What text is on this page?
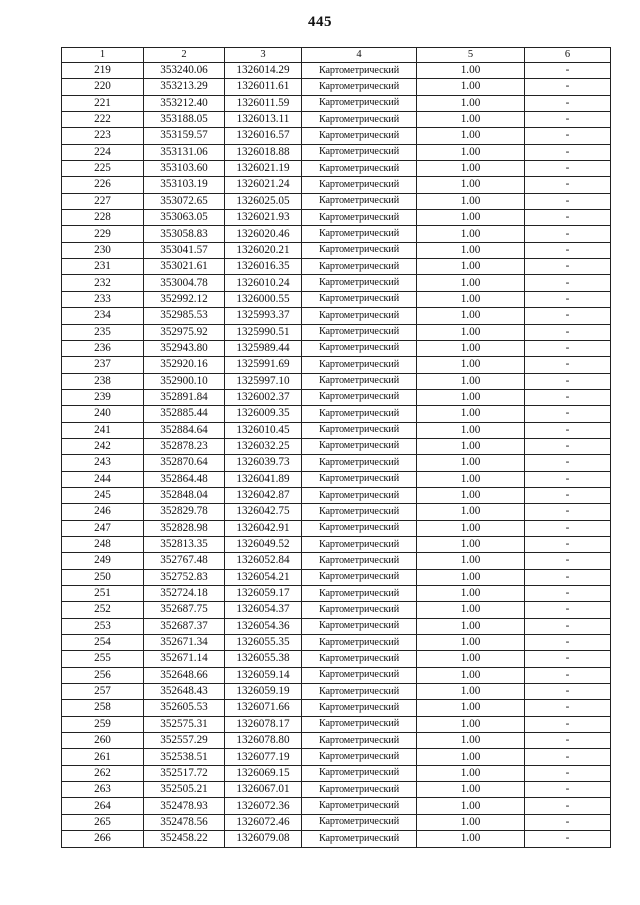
445
1	2	3	4	5	6
219	353240.06	1326014.29	Картометрический	1.00	-
220	353213.29	1326011.61	Картометрический	1.00	-
221	353212.40	1326011.59	Картометрический	1.00	-
222	353188.05	1326013.11	Картометрический	1.00	-
223	353159.57	1326016.57	Картометрический	1.00	-
224	353131.06	1326018.88	Картометрический	1.00	-
225	353103.60	1326021.19	Картометрический	1.00	-
226	353103.19	1326021.24	Картометрический	1.00	-
227	353072.65	1326025.05	Картометрический	1.00	-
228	353063.05	1326021.93	Картометрический	1.00	-
229	353058.83	1326020.46	Картометрический	1.00	-
230	353041.57	1326020.21	Картометрический	1.00	-
231	353021.61	1326016.35	Картометрический	1.00	-
232	353004.78	1326010.24	Картометрический	1.00	-
233	352992.12	1326000.55	Картометрический	1.00	-
234	352985.53	1325993.37	Картометрический	1.00	-
235	352975.92	1325990.51	Картометрический	1.00	-
236	352943.80	1325989.44	Картометрический	1.00	-
237	352920.16	1325991.69	Картометрический	1.00	-
238	352900.10	1325997.10	Картометрический	1.00	-
239	352891.84	1326002.37	Картометрический	1.00	-
240	352885.44	1326009.35	Картометрический	1.00	-
241	352884.64	1326010.45	Картометрический	1.00	-
242	352878.23	1326032.25	Картометрический	1.00	-
243	352870.64	1326039.73	Картометрический	1.00	-
244	352864.48	1326041.89	Картометрический	1.00	-
245	352848.04	1326042.87	Картометрический	1.00	-
246	352829.78	1326042.75	Картометрический	1.00	-
247	352828.98	1326042.91	Картометрический	1.00	-
248	352813.35	1326049.52	Картометрический	1.00	-
249	352767.48	1326052.84	Картометрический	1.00	-
250	352752.83	1326054.21	Картометрический	1.00	-
251	352724.18	1326059.17	Картометрический	1.00	-
252	352687.75	1326054.37	Картометрический	1.00	-
253	352687.37	1326054.36	Картометрический	1.00	-
254	352671.34	1326055.35	Картометрический	1.00	-
255	352671.14	1326055.38	Картометрический	1.00	-
256	352648.66	1326059.14	Картометрический	1.00	-
257	352648.43	1326059.19	Картометрический	1.00	-
258	352605.53	1326071.66	Картометрический	1.00	-
259	352575.31	1326078.17	Картометрический	1.00	-
260	352557.29	1326078.80	Картометрический	1.00	-
261	352538.51	1326077.19	Картометрический	1.00	-
262	352517.72	1326069.15	Картометрический	1.00	-
263	352505.21	1326067.01	Картометрический	1.00	-
264	352478.93	1326072.36	Картометрический	1.00	-
265	352478.56	1326072.46	Картометрический	1.00	-
266	352458.22	1326079.08	Картометрический	1.00	-
